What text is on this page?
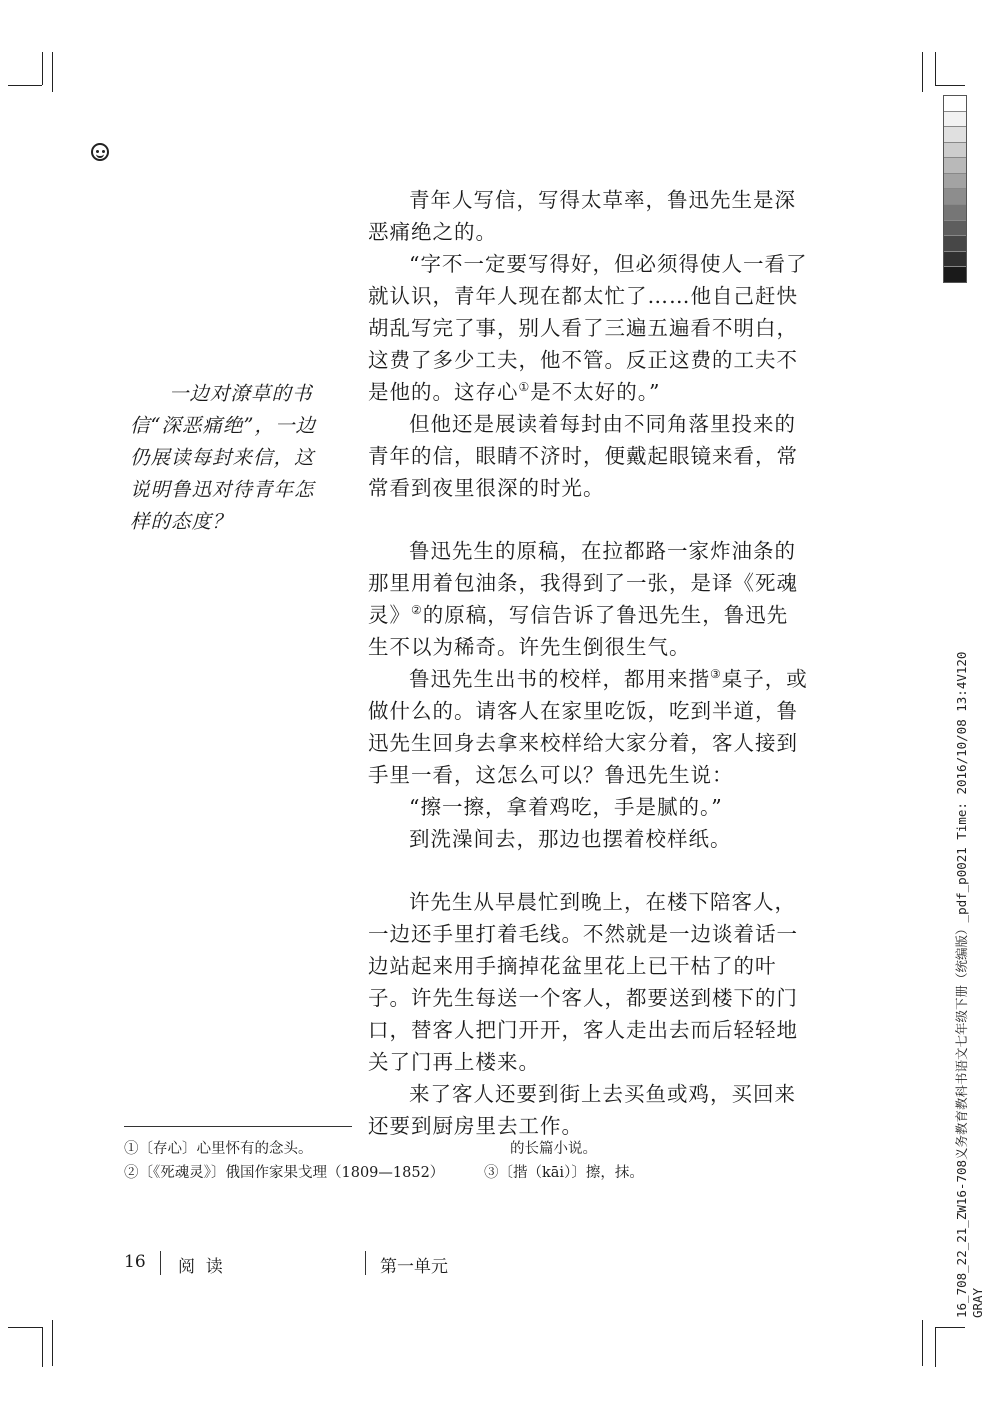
一边对潦草的书信“深恶痛绝”，一边仍展读每封来信，这说明鲁迅对待青年怎样的态度？

青年人写信，写得太草率，鲁迅先生是深恶痛绝之的。

“字不一定要写得好，但必须得使人一看了就认识，青年人现在都太忙了……他自己赶快胡乱写完了事，别人看了三遍五遍看不明白，这费了多少工夫，他不管。反正这费的工夫不是他的。这存心①是不太好的。”

但他还是展读着每封由不同角落里投来的青年的信，眼睛不济时，便戴起眼镜来看，常常看到夜里很深的时光。

鲁迅先生的原稿，在拉都路一家炸油条的那里用着包油条，我得到了一张，是译《死魂灵》②的原稿，写信告诉了鲁迅先生，鲁迅先生不以为稀奇。许先生倒很生气。

鲁迅先生出书的校样，都用来揩③桌子，或做什么的。请客人在家里吃饭，吃到半道，鲁迅先生回身去拿来校样给大家分着，客人接到手里一看，这怎么可以？鲁迅先生说：

“擦一擦，拿着鸡吃，手是腻的。”

到洗澡间去，那边也摆着校样纸。

许先生从早晨忙到晚上，在楼下陪客人，一边还手里打着毛线。不然就是一边谈着话一边站起来用手摘掉花盆里花上已干枯了的叶子。许先生每送一个客人，都要送到楼下的门口，替客人把门开开，客人走出去而后轻轻地关了门再上楼来。

来了客人还要到街上去买鱼或鸡，买回来还要到厨房里去工作。

①〔存心〕心里怀有的念头。
②〔《死魂灵》〕俄国作家果戈理（1809—1852）
的长篇小说。
③〔揩（kāi）〕擦，抹。
16 阅  读	第一单元	16_708_22_21_ZW16-708义务教育教科书语文七年级下册（统编版）_pdf_p0021 Time: 2016/10/08 13:4V120 GRAY
